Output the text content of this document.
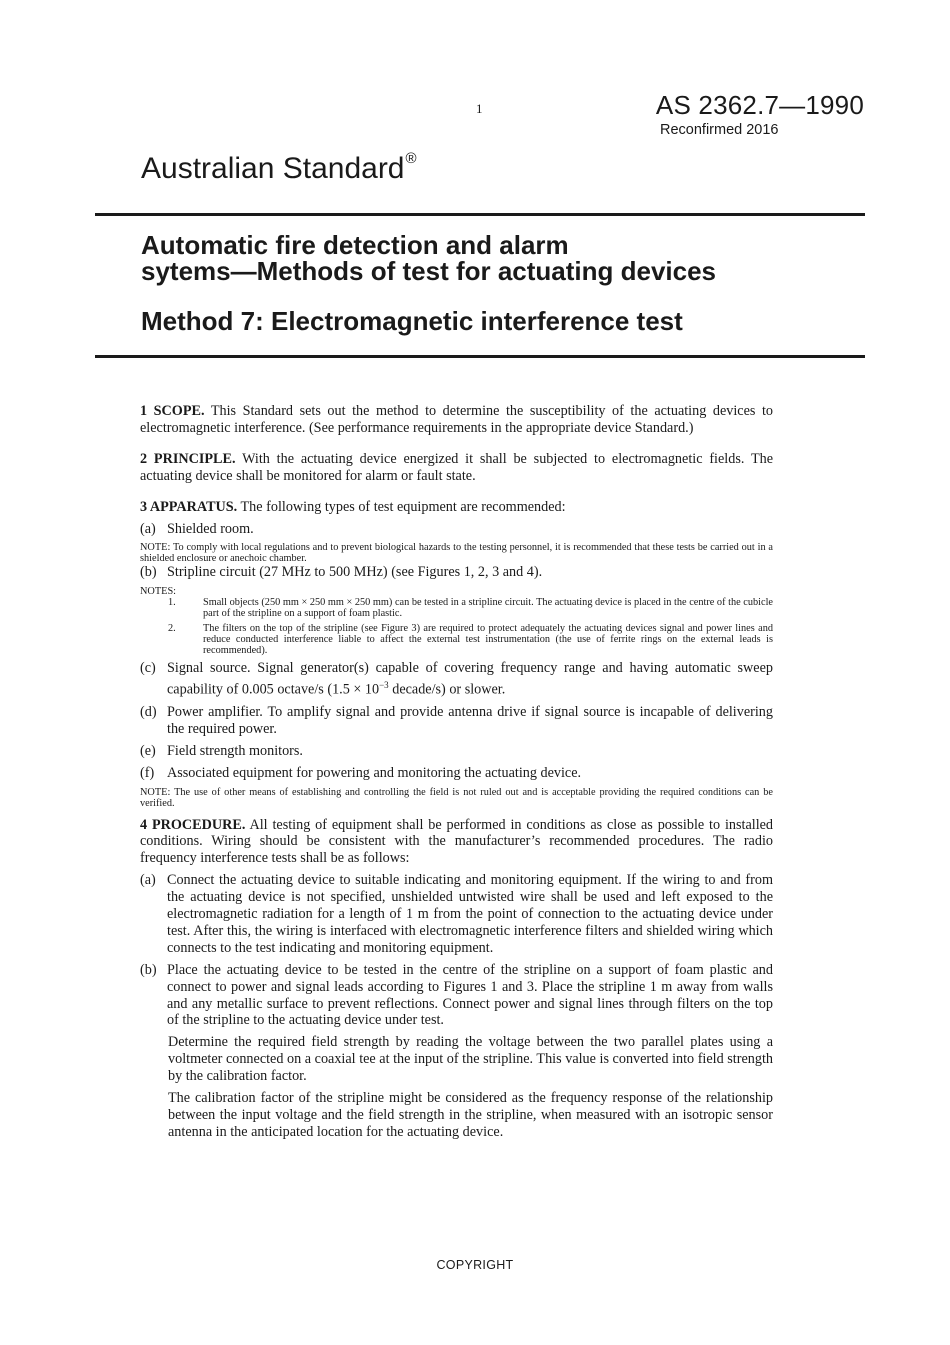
1	AS 2362.7—1990
Reconfirmed 2016
Australian Standard®
Automatic fire detection and alarm
sytems—Methods of test for actuating devices
Method 7: Electromagnetic interference test

1 SCOPE. This Standard sets out the method to determine the susceptibility of the actuating devices to electromagnetic interference. (See performance requirements in the appropriate device Standard.)

2 PRINCIPLE. With the actuating device energized it shall be subjected to electromagnetic fields. The actuating device shall be monitored for alarm or fault state.

3 APPARATUS. The following types of test equipment are recommended:

(a) Shielded room.

NOTE: To comply with local regulations and to prevent biological hazards to the testing personnel, it is recommended that these tests be carried out in a shielded enclosure or anechoic chamber.

(b) Stripline circuit (27 MHz to 500 MHz) (see Figures 1, 2, 3 and 4).

NOTES:

1.	Small objects (250 mm × 250 mm × 250 mm) can be tested in a stripline circuit. The actuating device is placed in the centre of the cubicle part of the stripline on a support of foam plastic.
2.	The filters on the top of the stripline (see Figure 3) are required to protect adequately the actuating devices signal and power lines and reduce conducted interference liable to affect the external test instrumentation (the use of ferrite rings on the external leads is recommended).
(c) Signal source. Signal generator(s) capable of covering frequency range and having automatic sweep capability of 0.005 octave/s ($1.5 \times 10^{-3}$ decade/s) or slower.
(d) Power amplifier. To amplify signal and provide antenna drive if signal source is incapable of delivering the required power.
(e) Field strength monitors.
(f) Associated equipment for powering and monitoring the actuating device.

NOTE: The use of other means of establishing and controlling the field is not ruled out and is acceptable providing the required conditions can be verified.

4 PROCEDURE. All testing of equipment shall be performed in conditions as close as possible to installed conditions. Wiring should be consistent with the manufacturer’s recommended procedures. The radio frequency interference tests shall be as follows:

(a) Connect the actuating device to suitable indicating and monitoring equipment. If the wiring to and from the actuating device is not specified, unshielded untwisted wire shall be used and left exposed to the electromagnetic radiation for a length of 1 m from the point of connection to the actuating device under test. After this, the wiring is interfaced with electromagnetic interference filters and shielded wiring which connects to the test indicating and monitoring equipment.
(b) Place the actuating device to be tested in the centre of the stripline on a support of foam plastic and connect to power and signal leads according to Figures 1 and 3. Place the stripline 1 m away from walls and any metallic surface to prevent reflections. Connect power and signal lines through filters on the top of the stripline to the actuating device under test.

Determine the required field strength by reading the voltage between the two parallel plates using a voltmeter connected on a coaxial tee at the input of the stripline. This value is converted into field strength by the calibration factor.

The calibration factor of the stripline might be considered as the frequency response of the relationship between the input voltage and the field strength in the stripline, when measured with an isotropic sensor antenna in the anticipated location for the actuating device.

COPYRIGHT
